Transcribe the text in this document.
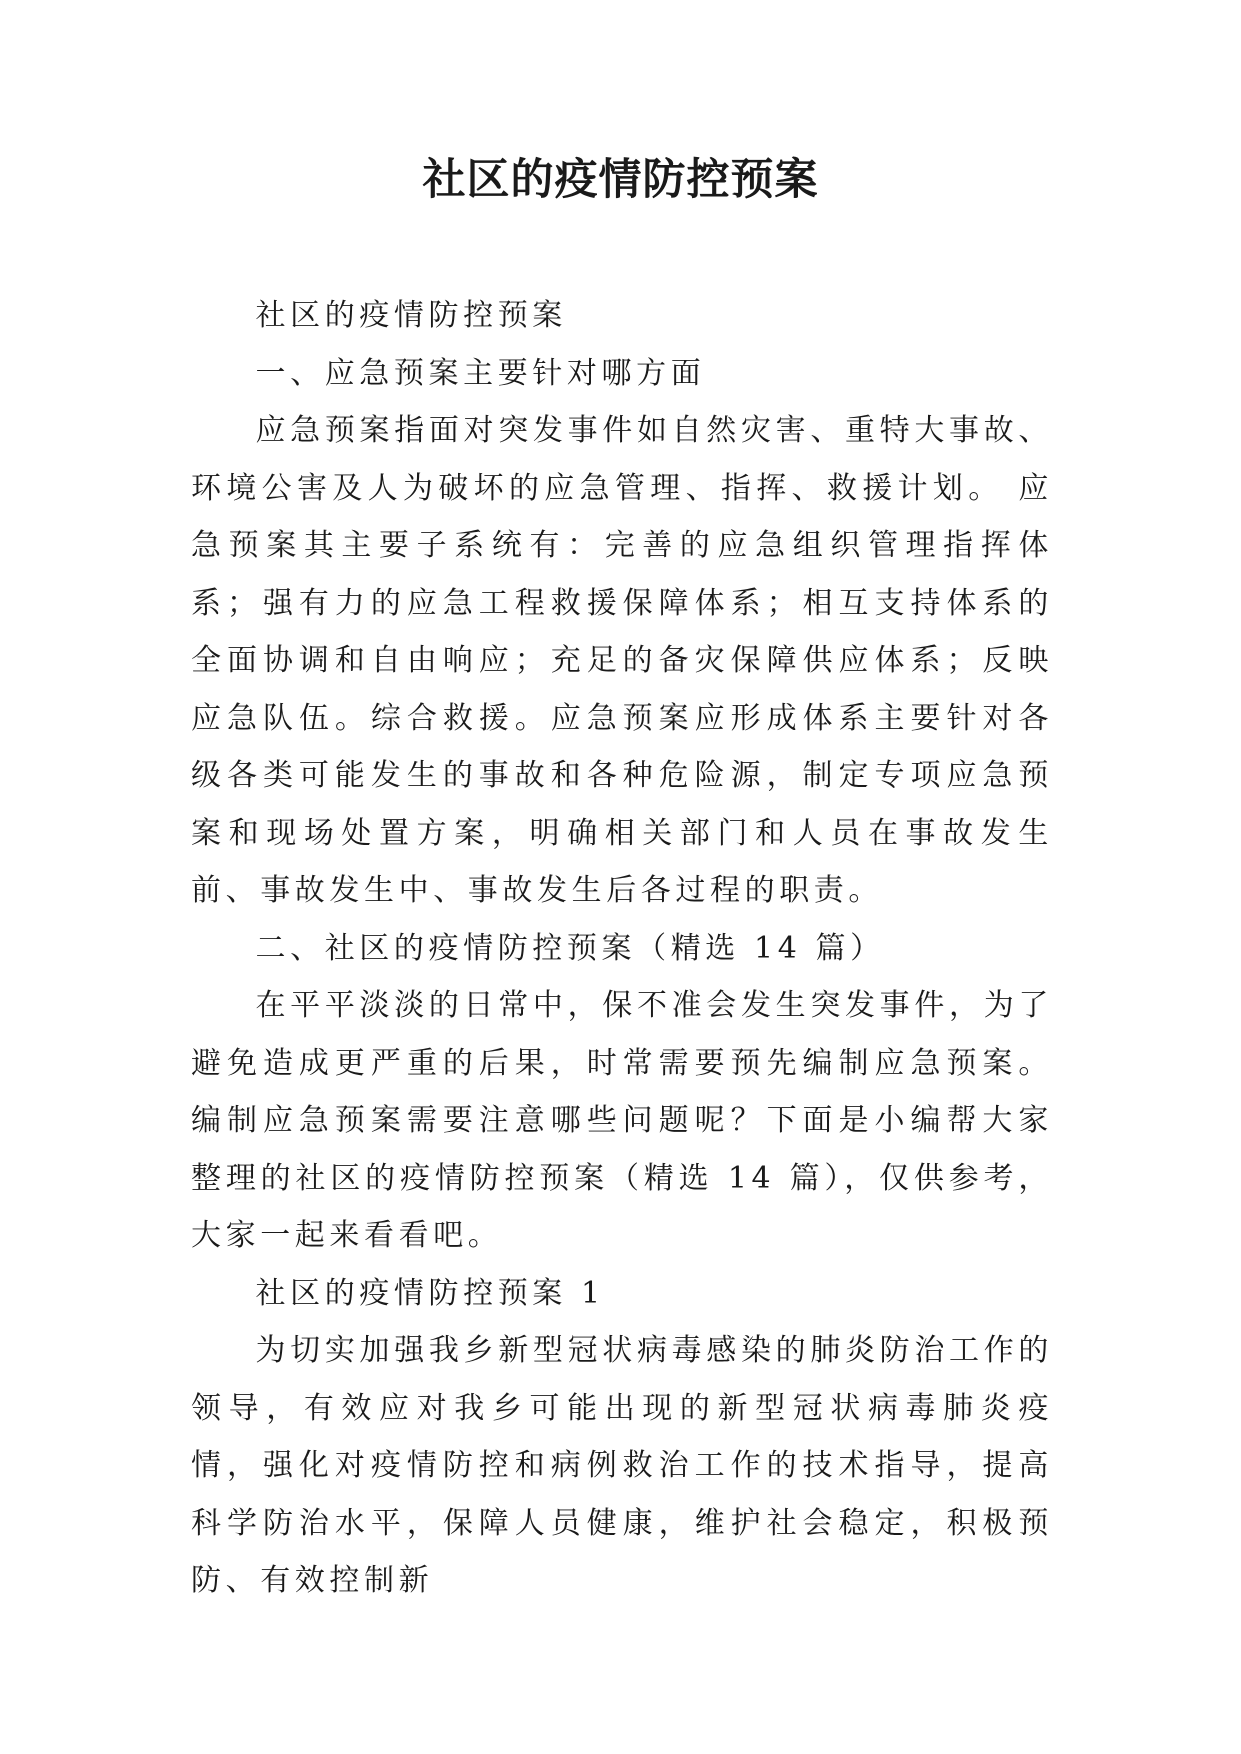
社区的疫情防控预案

社区的疫情防控预案

一、应急预案主要针对哪方面

应急预案指面对突发事件如自然灾害、重特大事故、环境公害及人为破坏的应急管理、指挥、救援计划。 应急预案其主要子系统有：完善的应急组织管理指挥体系；强有力的应急工程救援保障体系；相互支持体系的全面协调和自由响应；充足的备灾保障供应体系；反映应急队伍。综合救援。应急预案应形成体系主要针对各级各类可能发生的事故和各种危险源，制定专项应急预案和现场处置方案，明确相关部门和人员在事故发生前、事故发生中、事故发生后各过程的职责。

二、社区的疫情防控预案（精选 14 篇）

在平平淡淡的日常中，保不准会发生突发事件，为了避免造成更严重的后果，时常需要预先编制应急预案。编制应急预案需要注意哪些问题呢？下面是小编帮大家整理的社区的疫情防控预案（精选 14 篇），仅供参考，大家一起来看看吧。

社区的疫情防控预案 1

为切实加强我乡新型冠状病毒感染的肺炎防治工作的领导，有效应对我乡可能出现的新型冠状病毒肺炎疫情，强化对疫情防控和病例救治工作的技术指导，提高科学防治水平，保障人员健康，维护社会稳定，积极预防、有效控制新
